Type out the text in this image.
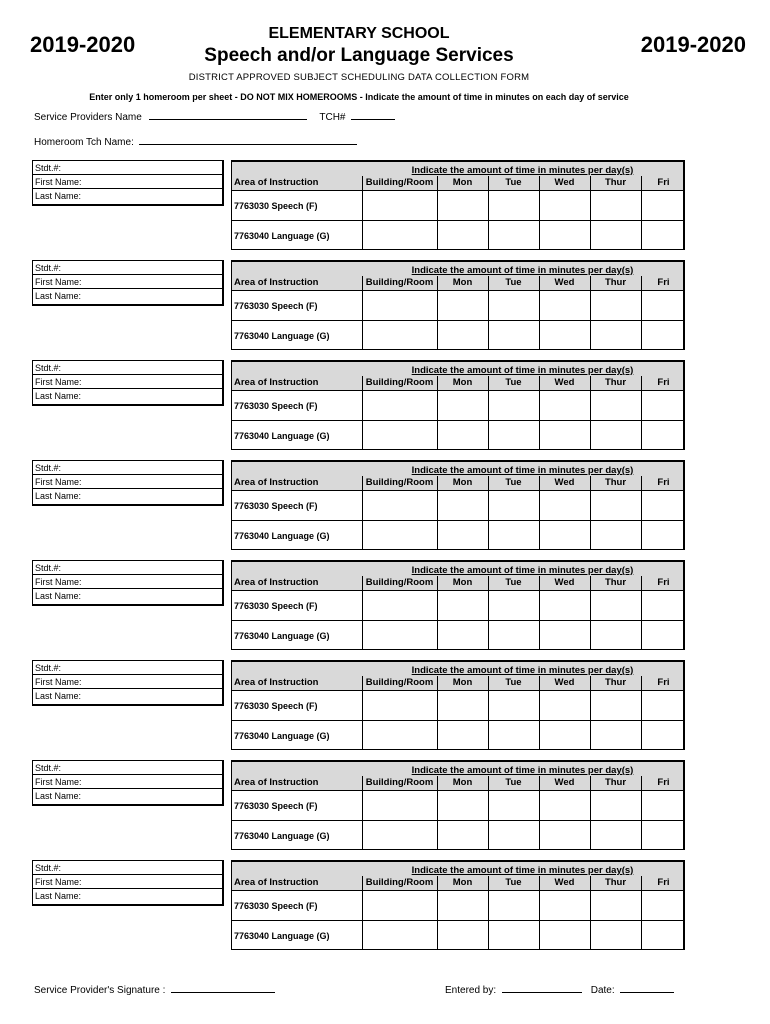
2019-2020	2019-2020
ELEMENTARY SCHOOL
Speech and/or Language Services
DISTRICT APPROVED SUBJECT SCHEDULING DATA COLLECTION FORM
Enter only 1 homeroom per sheet - DO NOT MIX HOMEROOMS - Indicate the amount of time in minutes on each day of service
Service Providers Name	TCH#
Homeroom Tch Name:
Stdt.#:
First Name:
Last Name:
Indicate the amount of time in minutes per day(s)
Area of Instruction	Building/Room	Mon	Tue	Wed	Thur	Fri
7763030 Speech (F)
7763040 Language (G)
Stdt.#:
First Name:
Last Name:
Indicate the amount of time in minutes per day(s)
Area of Instruction	Building/Room	Mon	Tue	Wed	Thur	Fri
7763030 Speech (F)
7763040 Language (G)
Stdt.#:
First Name:
Last Name:
Indicate the amount of time in minutes per day(s)
Area of Instruction	Building/Room	Mon	Tue	Wed	Thur	Fri
7763030 Speech (F)
7763040 Language (G)
Stdt.#:
First Name:
Last Name:
Indicate the amount of time in minutes per day(s)
Area of Instruction	Building/Room	Mon	Tue	Wed	Thur	Fri
7763030 Speech (F)
7763040 Language (G)
Stdt.#:
First Name:
Last Name:
Indicate the amount of time in minutes per day(s)
Area of Instruction	Building/Room	Mon	Tue	Wed	Thur	Fri
7763030 Speech (F)
7763040 Language (G)
Stdt.#:
First Name:
Last Name:
Indicate the amount of time in minutes per day(s)
Area of Instruction	Building/Room	Mon	Tue	Wed	Thur	Fri
7763030 Speech (F)
7763040 Language (G)
Stdt.#:
First Name:
Last Name:
Indicate the amount of time in minutes per day(s)
Area of Instruction	Building/Room	Mon	Tue	Wed	Thur	Fri
7763030 Speech (F)
7763040 Language (G)
Stdt.#:
First Name:
Last Name:
Indicate the amount of time in minutes per day(s)
Area of Instruction	Building/Room	Mon	Tue	Wed	Thur	Fri
7763030 Speech (F)
7763040 Language (G)
Service Provider's Signature :	Entered by:	Date:
